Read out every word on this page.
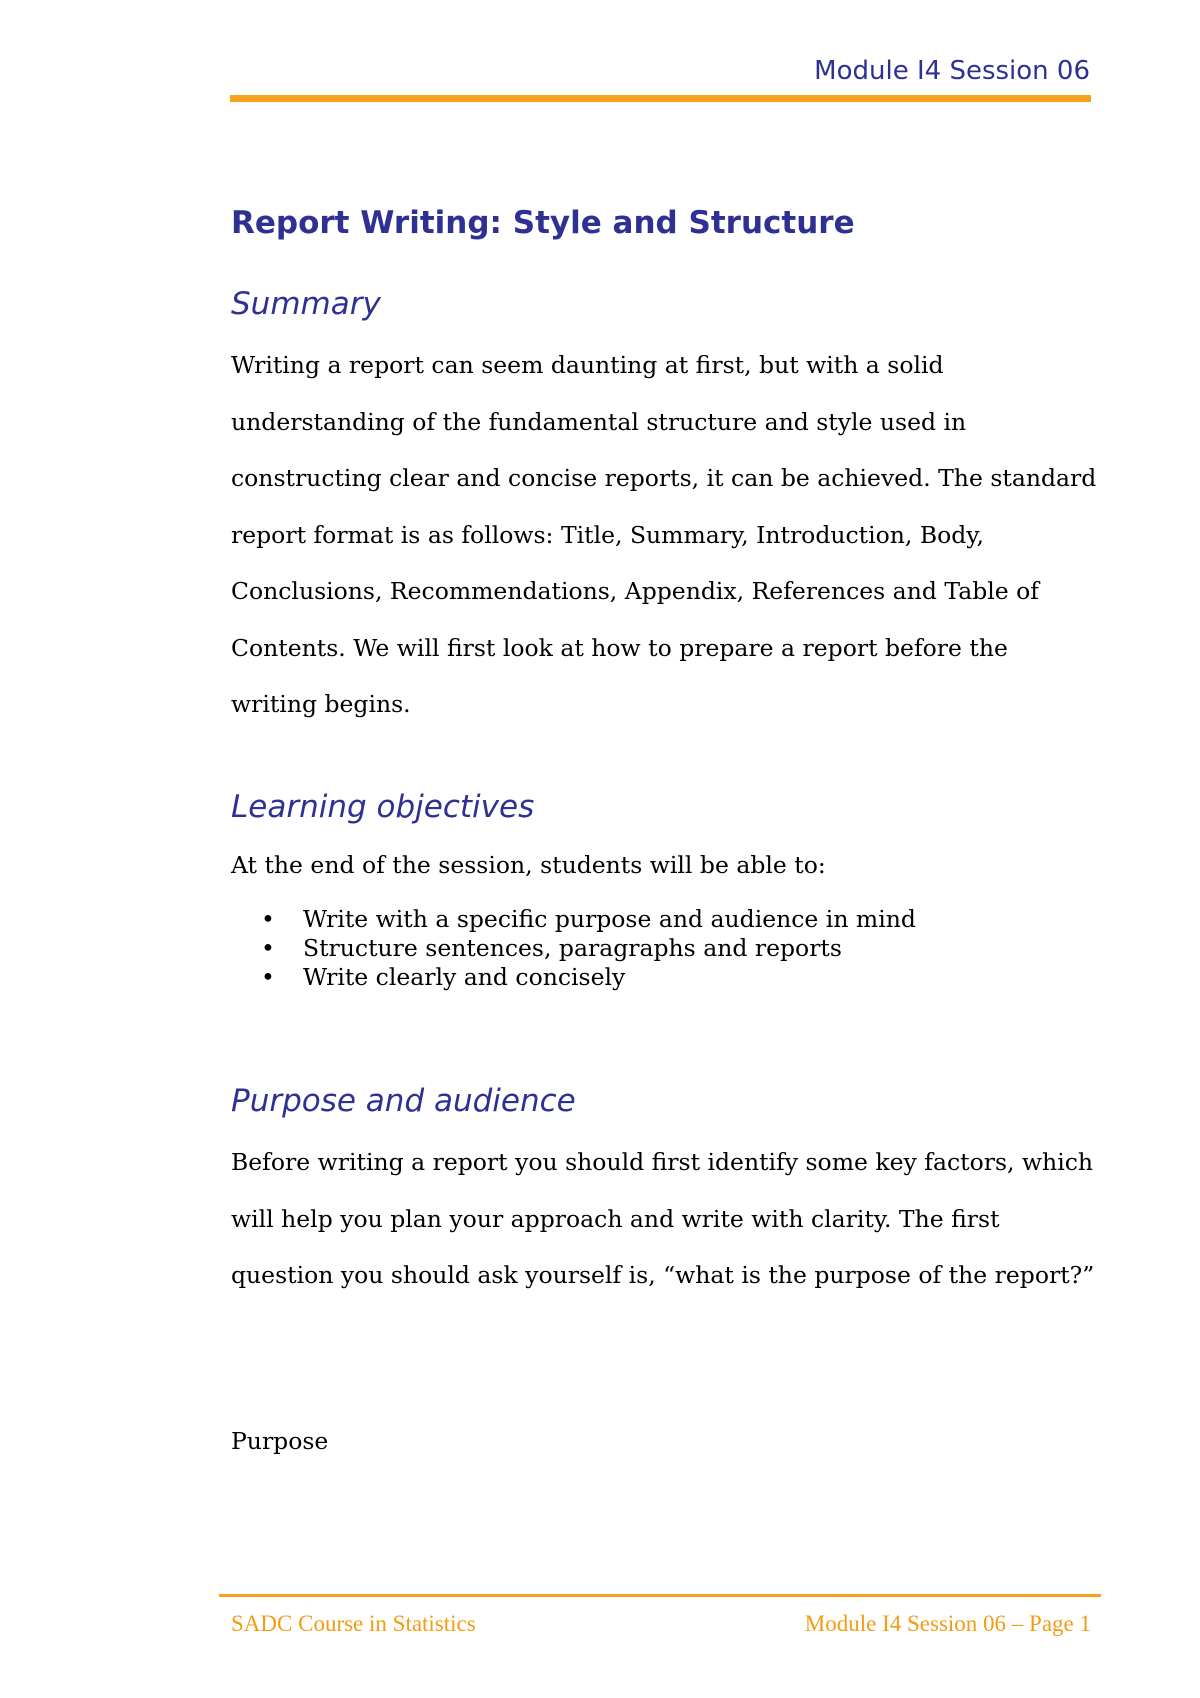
Module I4 Session 06
Report Writing: Style and Structure
Summary

Writing a report can seem daunting at first, but with a solid understanding of the fundamental structure and style used in constructing clear and concise reports, it can be achieved. The standard report format is as follows: Title, Summary, Introduction, Body, Conclusions, Recommendations, Appendix, References and Table of Contents. We will first look at how to prepare a report before the writing begins.

Learning objectives

At the end of the session, students will be able to:

• Write with a specific purpose and audience in mind
• Structure sentences, paragraphs and reports
• Write clearly and concisely
Purpose and audience

Before writing a report you should first identify some key factors, which will help you plan your approach and write with clarity. The first question you should ask yourself is, “what is the purpose of the report?”

Purpose

SADC Course in Statistics	Module I4 Session 06 – Page 1
